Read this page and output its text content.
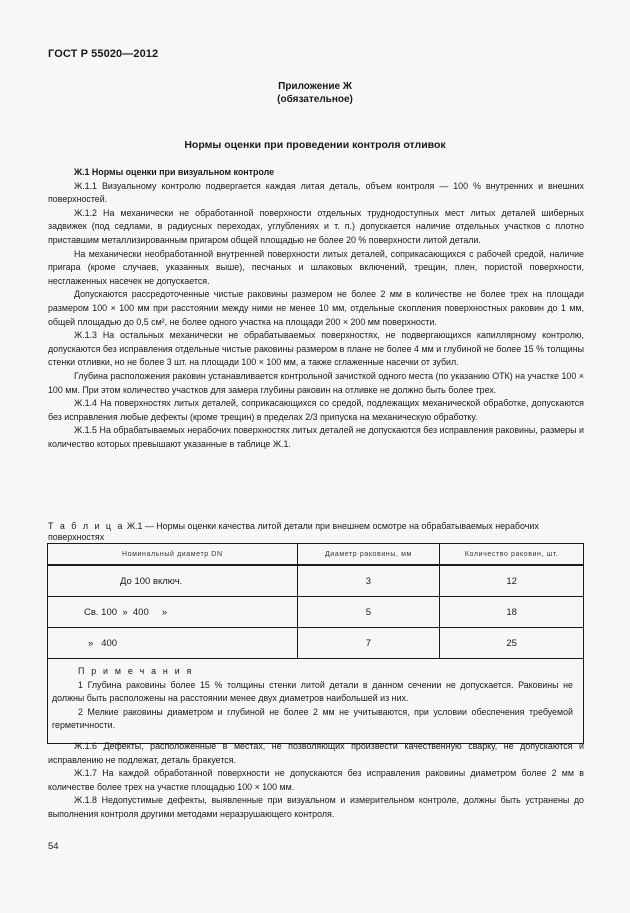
ГОСТ Р 55020—2012
Приложение Ж
(обязательное)
Нормы оценки при проведении контроля отливок

Ж.1 Нормы оценки при визуальном контроле

Ж.1.1 Визуальному контролю подвергается каждая литая деталь, объем контроля — 100 % внутренних и внешних поверхностей.

Ж.1.2 На механически не обработанной поверхности отдельных труднодоступных мест литых деталей шиберных задвижек (под седлами, в радиусных переходах, углублениях и т. п.) допускается наличие отдельных участков с плотно приставшим металлизированным пригаром общей площадью не более 20 % поверхности литой детали.

На механически необработанной внутренней поверхности литых деталей, соприкасающихся с рабочей средой, наличие пригара (кроме случаев, указанных выше), песчаных и шлаковых включений, трещин, плен, пористой поверхности, несглаженных насечек не допускается.

Допускаются рассредоточенные чистые раковины размером не более 2 мм в количестве не более трех на площади размером 100 × 100 мм при расстоянии между ними не менее 10 мм, отдельные скопления поверхностных раковин до 1 мм, общей площадью до 0,5 см², не более одного участка на площади 200 × 200 мм поверхности.

Ж.1.3 На остальных механически не обрабатываемых поверхностях, не подвергающихся капиллярному контролю, допускаются без исправления отдельные чистые раковины размером в плане не более 4 мм и глубиной не более 15 % толщины стенки отливки, но не более 3 шт. на площади 100 × 100 мм, а также сглаженные насечки от зубил.

Глубина расположения раковин устанавливается контрольной зачисткой одного места (по указанию ОТК) на участке 100 × 100 мм. При этом количество участков для замера глубины раковин на отливке не должно быть более трех.

Ж.1.4 На поверхностях литых деталей, соприкасающихся со средой, подлежащих механической обработке, допускаются без исправления любые дефекты (кроме трещин) в пределах 2/3 припуска на механическую обработку.

Ж.1.5 На обрабатываемых нерабочих поверхностях литых деталей не допускаются без исправления раковины, размеры и количество которых превышают указанные в таблице Ж.1.

Т а б л и ц а Ж.1 — Нормы оценки качества литой детали при внешнем осмотре на обрабатываемых нерабочих поверхностях
Номинальный диаметр DN	Диаметр раковины, мм	Количество раковин, шт.
До 100 включ.	3	12
Св. 100  »  400     »	5	18
»   400	7	25

П р и м е ч а н и я

1 Глубина раковины более 15 % толщины стенки литой детали в данном сечении не допускается. Раковины не должны быть расположены на расстоянии менее двух диаметров наибольшей из них.

2 Мелкие раковины диаметром и глубиной не более 2 мм не учитываются, при условии обеспечения требуемой герметичности.		

Ж.1.6 Дефекты, расположенные в местах, не позволяющих произвести качественную сварку, не допускаются и исправлению не подлежат, деталь бракуется.

Ж.1.7 На каждой обработанной поверхности не допускаются без исправления раковины диаметром более 2 мм в количестве более трех на участке площадью 100 × 100 мм.

Ж.1.8 Недопустимые дефекты, выявленные при визуальном и измерительном контроле, должны быть устранены до выполнения контроля другими методами неразрушающего контроля.

54
